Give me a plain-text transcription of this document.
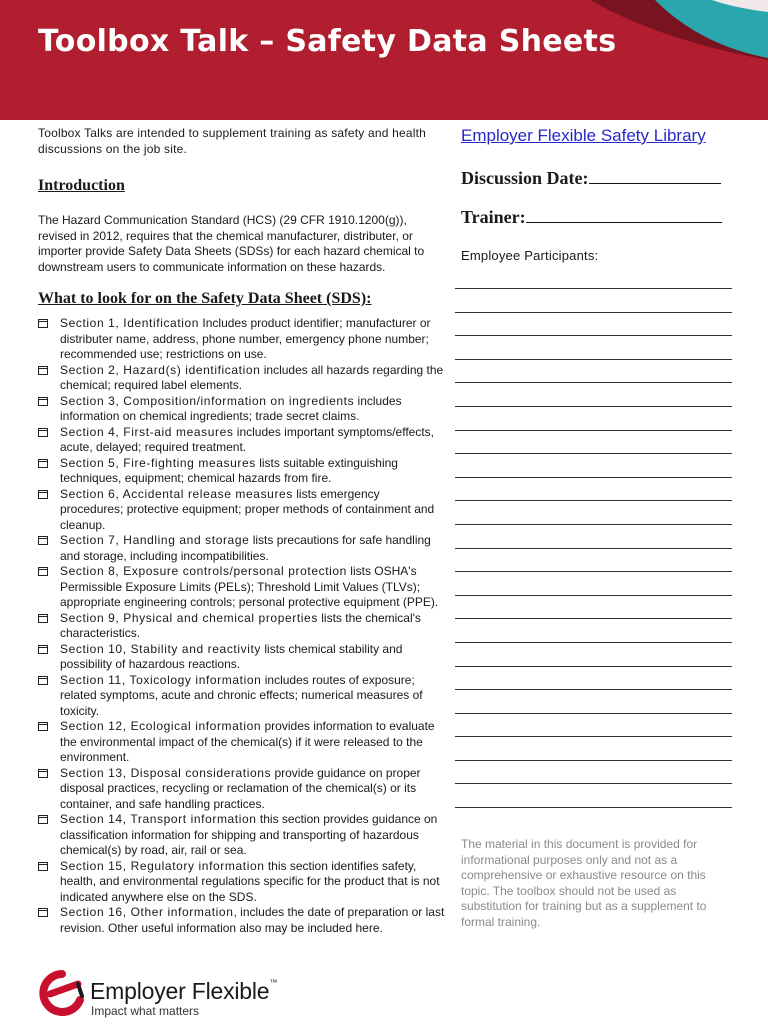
Toolbox Talk – Safety Data Sheets

Toolbox Talks are intended to supplement training as safety and health discussions on the job site.

Introduction

The Hazard Communication Standard (HCS) (29 CFR 1910.1200(g)), revised in 2012, requires that the chemical manufacturer, distributer, or importer provide Safety Data Sheets (SDSs) for each hazard chemical to downstream users to communicate information on these hazards.

What to look for on the Safety Data Sheet (SDS):
Section 1, Identification Includes product identifier; manufacturer or distributer name, address, phone number, emergency phone number; recommended use; restrictions on use.
Section 2, Hazard(s) identification includes all hazards regarding the chemical; required label elements.
Section 3, Composition/information on ingredients includes information on chemical ingredients; trade secret claims.
Section 4, First-aid measures includes important symptoms/effects, acute, delayed; required treatment.
Section 5, Fire-fighting measures lists suitable extinguishing techniques, equipment; chemical hazards from fire.
Section 6, Accidental release measures lists emergency procedures; protective equipment; proper methods of containment and cleanup.
Section 7, Handling and storage lists precautions for safe handling and storage, including incompatibilities.
Section 8, Exposure controls/personal protection lists OSHA's Permissible Exposure Limits (PELs); Threshold Limit Values (TLVs); appropriate engineering controls; personal protective equipment (PPE).
Section 9, Physical and chemical properties lists the chemical's characteristics.
Section 10, Stability and reactivity lists chemical stability and possibility of hazardous reactions.
Section 11, Toxicology information includes routes of exposure; related symptoms, acute and chronic effects; numerical measures of toxicity.
Section 12, Ecological information provides information to evaluate the environmental impact of the chemical(s) if it were released to the environment.
Section 13, Disposal considerations provide guidance on proper disposal practices, recycling or reclamation of the chemical(s) or its container, and safe handling practices.
Section 14, Transport information this section provides guidance on classification information for shipping and transporting of hazardous chemical(s) by road, air, rail or sea.
Section 15, Regulatory information this section identifies safety, health, and environmental regulations specific for the product that is not indicated anywhere else on the SDS.
Section 16, Other information, includes the date of preparation or last revision. Other useful information also may be included here.
Employer Flexible Safety Library
Discussion Date:
Trainer:

Employee Participants:

The material in this document is provided for informational purposes only and not as a comprehensive or exhaustive resource on this topic. The toolbox should not be used as substitution for training but as a supplement to formal training.

Employer Flexible™
Impact what matters
